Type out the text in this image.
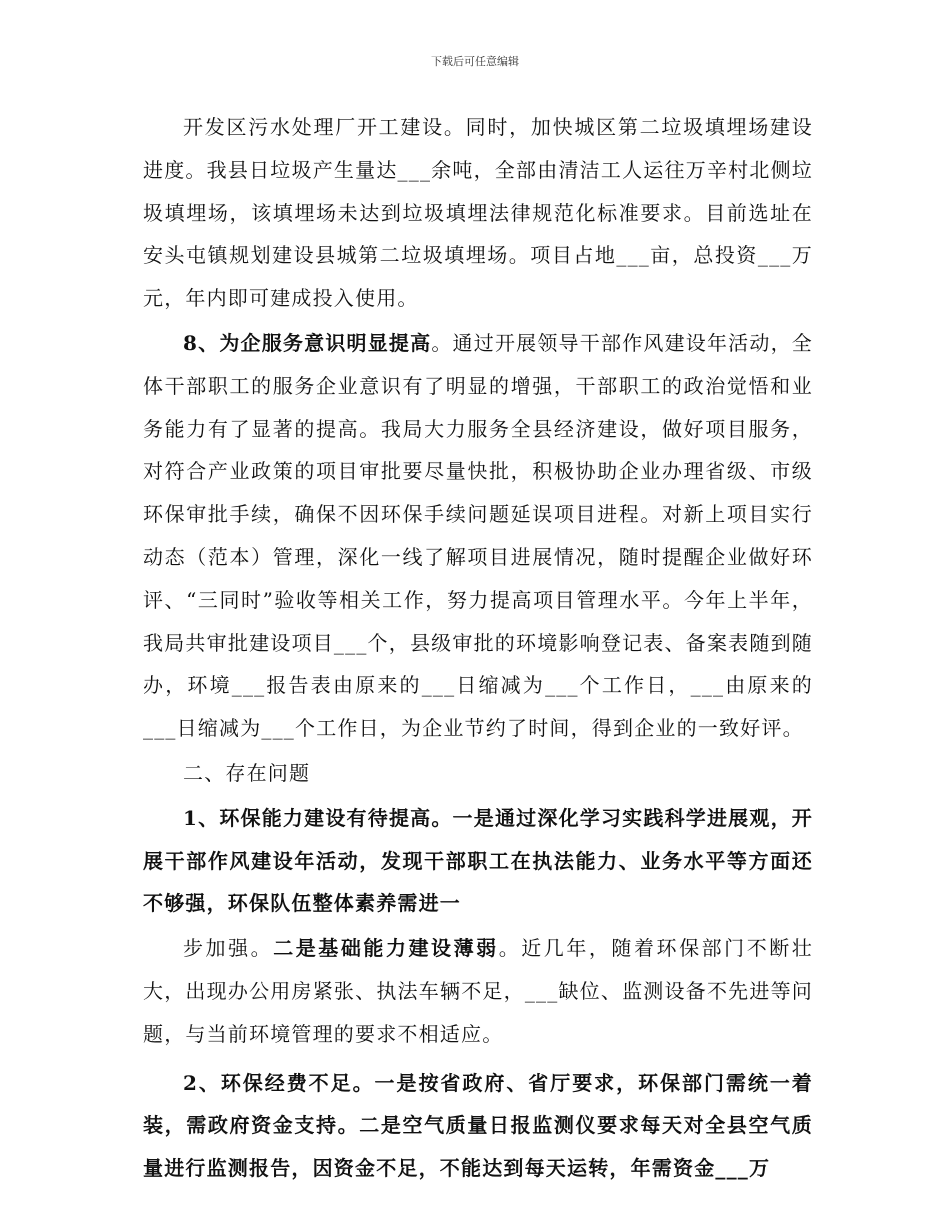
下载后可任意编辑

开发区污水处理厂开工建设。同时，加快城区第二垃圾填埋场建设进度。我县日垃圾产生量达___余吨，全部由清洁工人运往万辛村北侧垃圾填埋场，该填埋场未达到垃圾填埋法律规范化标准要求。目前选址在安头屯镇规划建设县城第二垃圾填埋场。项目占地___亩，总投资___万元，年内即可建成投入使用。

8、为企服务意识明显提高。通过开展领导干部作风建设年活动，全体干部职工的服务企业意识有了明显的增强，干部职工的政治觉悟和业务能力有了显著的提高。我局大力服务全县经济建设，做好项目服务，对符合产业政策的项目审批要尽量快批，积极协助企业办理省级、市级环保审批手续，确保不因环保手续问题延误项目进程。对新上项目实行动态（范本）管理，深化一线了解项目进展情况，随时提醒企业做好环评、“三同时”验收等相关工作，努力提高项目管理水平。今年上半年，我局共审批建设项目___个，县级审批的环境影响登记表、备案表随到随办，环境___报告表由原来的___日缩减为___个工作日，___由原来的___日缩减为___个工作日，为企业节约了时间，得到企业的一致好评。

二、存在问题

1、环保能力建设有待提高。一是通过深化学习实践科学进展观，开展干部作风建设年活动，发现干部职工在执法能力、业务水平等方面还不够强，环保队伍整体素养需进一

步加强。二是基础能力建设薄弱。近几年，随着环保部门不断壮大，出现办公用房紧张、执法车辆不足，___缺位、监测设备不先进等问题，与当前环境管理的要求不相适应。

2、环保经费不足。一是按省政府、省厅要求，环保部门需统一着装，需政府资金支持。二是空气质量日报监测仪要求每天对全县空气质量进行监测报告，因资金不足，不能达到每天运转，年需资金___万
